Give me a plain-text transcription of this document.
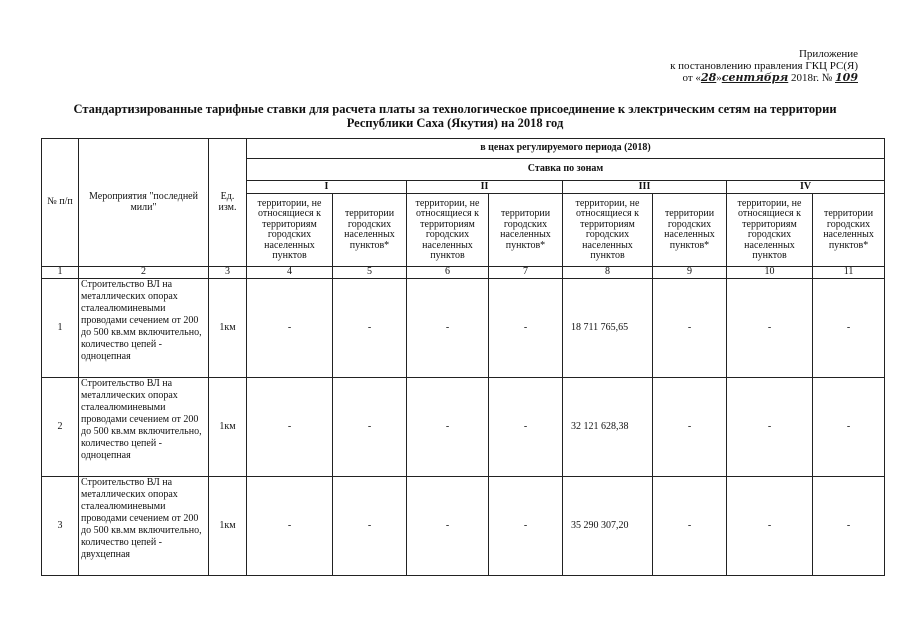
Приложение
к постановлению правления ГКЦ РС(Я)
от «28»сентября 2018г. № 109
Стандартизированные тарифные ставки для расчета платы за технологическое присоединение к электрическим сетям на территории Республики Саха (Якутия) на 2018 год
№ п/п	Мероприятия "последней мили"	Ед. изм.	в ценах регулируемого периода (2018)							
			Ставка по зонам							
			I		II		III		IV	
			территории, не относящиеся к территориям городских населенных пунктов	территории городских населенных пунктов*	территории, не относящиеся к территориям городских населенных пунктов	территории городских населенных пунктов*	территории, не относящиеся к территориям городских населенных пунктов	территории городских населенных пунктов*	территории, не относящиеся к территориям городских населенных пунктов	территории городских населенных пунктов*
1	2	3	4	5	6	7	8	9	10	11
1	Строительство ВЛ на металлических опорах сталеалюминевыми проводами сечением от 200 до 500 кв.мм включительно, количество цепей - одноцепная	1км	-	-	-	-	18 711 765,65	-	-	-
2	Строительство ВЛ на металлических опорах сталеалюминевыми проводами сечением от 200 до 500 кв.мм включительно, количество цепей - одноцепная	1км	-	-	-	-	32 121 628,38	-	-	-
3	Строительство ВЛ на металлических опорах сталеалюминевыми проводами сечением от 200 до 500 кв.мм включительно, количество цепей - двухцепная	1км	-	-	-	-	35 290 307,20	-	-	-
